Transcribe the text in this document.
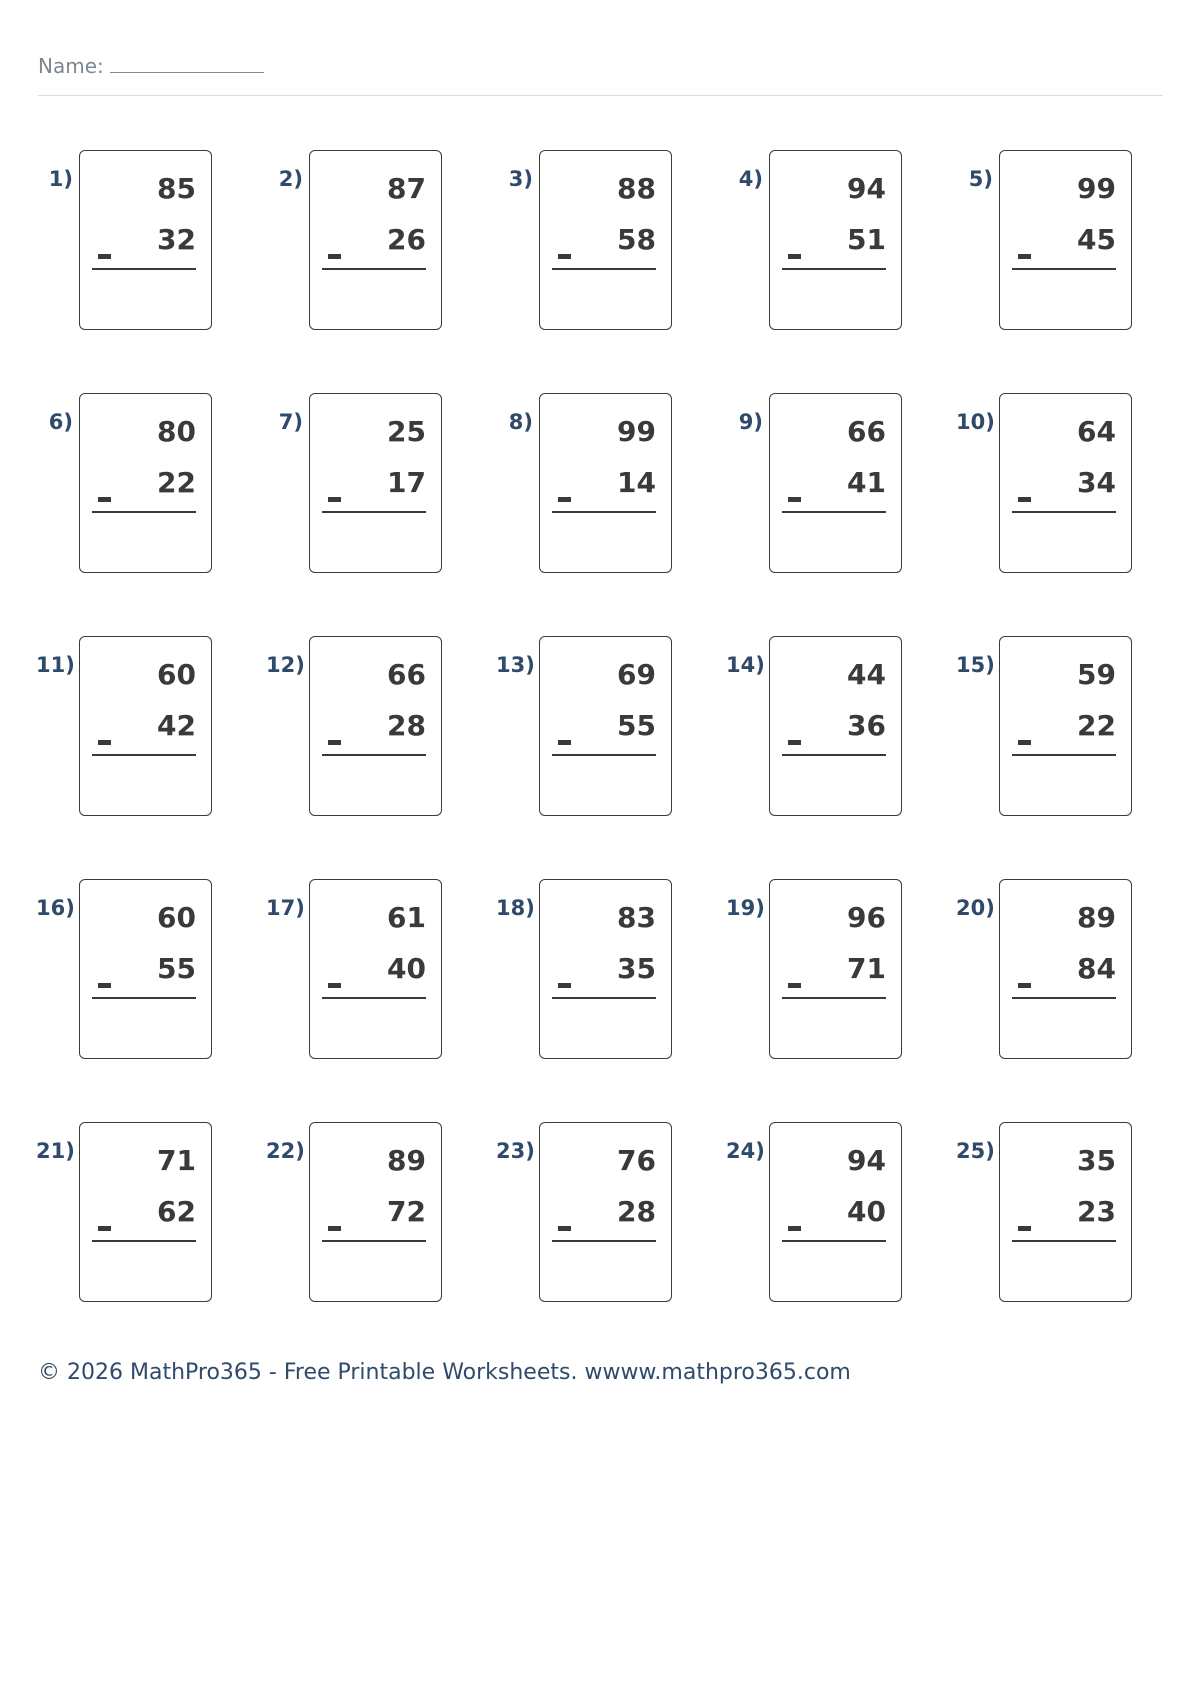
Name:
1)	85
32
2)	87
26
3)	88
58
4)	94
51
5)	99
45
6)	80
22
7)	25
17
8)	99
14
9)	66
41
10)	64
34
11)	60
42
12)	66
28
13)	69
55
14)	44
36
15)	59
22
16)	60
55
17)	61
40
18)	83
35
19)	96
71
20)	89
84
21)	71
62
22)	89
72
23)	76
28
24)	94
40
25)	35
23
© 2026 MathPro365 - Free Printable Worksheets. wwww.mathpro365.com
